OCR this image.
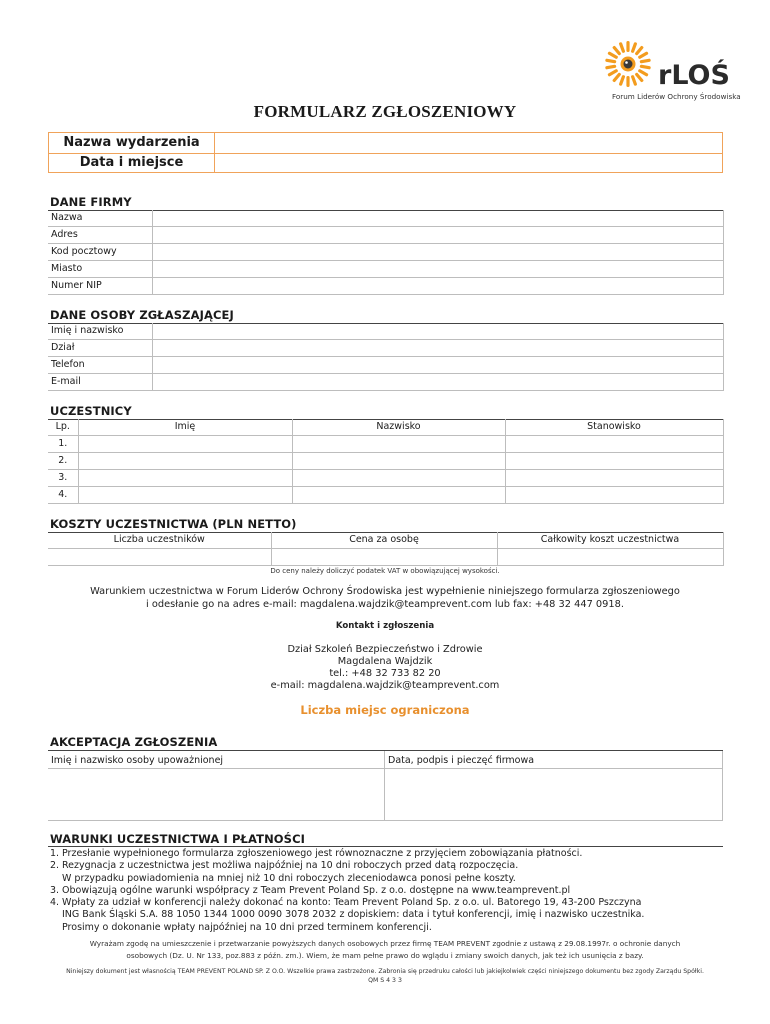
rLOŚ
Forum Liderów Ochrony Środowiska
FORMULARZ ZGŁOSZENIOWY
Nazwa wydarzenia
Data i miejsce
DANE FIRMY
Nazwa	
Adres	
Kod pocztowy	
Miasto	
Numer NIP	
DANE OSOBY ZGŁASZAJĄCEJ
Imię i nazwisko	
Dział	
Telefon	
E-mail	
UCZESTNICY
Lp.	Imię	Nazwisko	Stanowisko
1.			
2.			
3.			
4.			
KOSZTY UCZESTNICTWA (PLN NETTO)
Liczba uczestników	Cena za osobę	Całkowity koszt uczestnictwa

Do ceny należy doliczyć podatek VAT w obowiązującej wysokości.
Warunkiem uczestnictwa w Forum Liderów Ochrony Środowiska jest wypełnienie niniejszego formularza zgłoszeniowego
i odesłanie go na adres e-mail: magdalena.wajdzik@teamprevent.com lub fax: +48 32 447 0918.
Kontakt i zgłoszenia
Dział Szkoleń Bezpieczeństwo i Zdrowie
Magdalena Wajdzik
tel.: +48 32 733 82 20
e-mail: magdalena.wajdzik@teamprevent.com
Liczba miejsc ograniczona
AKCEPTACJA ZGŁOSZENIA
Imię i nazwisko osoby upoważnionej	Data, podpis i pieczęć firmowa
WARUNKI UCZESTNICTWA I PŁATNOŚCI
1. Przesłanie wypełnionego formularza zgłoszeniowego jest równoznaczne z przyjęciem zobowiązania płatności.
2. Rezygnacja z uczestnictwa jest możliwa najpóźniej na 10 dni roboczych przed datą rozpoczęcia.
W przypadku powiadomienia na mniej niż 10 dni roboczych zleceniodawca ponosi pełne koszty.
3. Obowiązują ogólne warunki współpracy z Team Prevent Poland Sp. z o.o. dostępne na www.teamprevent.pl
4. Wpłaty za udział w konferencji należy dokonać na konto: Team Prevent Poland Sp. z o.o. ul. Batorego 19, 43-200 Pszczyna
ING Bank Śląski S.A. 88 1050 1344 1000 0090 3078 2032 z dopiskiem: data i tytuł konferencji, imię i nazwisko uczestnika.
Prosimy o dokonanie wpłaty najpóźniej na 10 dni przed terminem konferencji.
Wyrażam zgodę na umieszczenie i przetwarzanie powyższych danych osobowych przez firmę TEAM PREVENT zgodnie z ustawą z 29.08.1997r. o ochronie danych
osobowych (Dz. U. Nr 133, poz.883 z późn. zm.). Wiem, że mam pełne prawo do wglądu i zmiany swoich danych, jak też ich usunięcia z bazy.
Niniejszy dokument jest własnością TEAM PREVENT POLAND SP. Z O.O. Wszelkie prawa zastrzeżone. Zabronia się przedruku całości lub jakiejkolwiek części niniejszego dokumentu bez zgody Zarządu Spółki.
QM S 4 3 3
